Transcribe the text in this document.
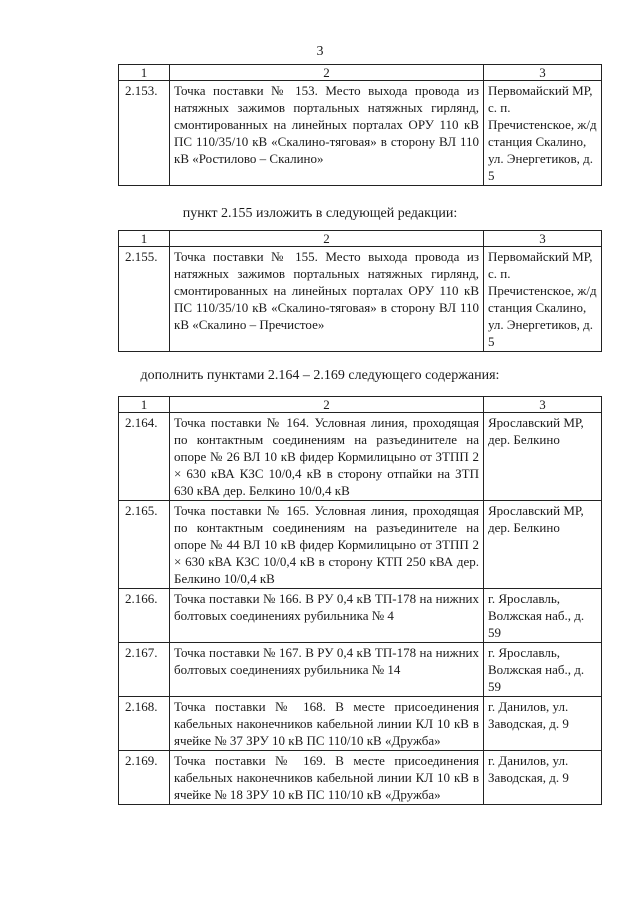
3
1	2	3
2.153.	Точка поставки № 153. Место выхода провода из натяжных зажимов портальных натяжных гирлянд, смонтированных на линейных порталах ОРУ 110 кВ ПС 110/35/10 кВ «Скалино-тяговая» в сторону ВЛ 110 кВ «Ростилово – Скалино»	Первомайский МР, с. п. Пречистенское, ж/д станция Скалино, ул. Энергетиков, д. 5
пункт 2.155 изложить в следующей редакции:
1	2	3
2.155.	Точка поставки № 155. Место выхода провода из натяжных зажимов портальных натяжных гирлянд, смонтированных на линейных порталах ОРУ 110 кВ ПС 110/35/10 кВ «Скалино-тяговая» в сторону ВЛ 110 кВ «Скалино – Пречистое»	Первомайский МР, с. п. Пречистенское, ж/д станция Скалино, ул. Энергетиков, д. 5
дополнить пунктами 2.164 – 2.169 следующего содержания:
1	2	3
2.164.	Точка поставки № 164. Условная линия, проходящая по контактным соединениям на разъединителе на опоре № 26 ВЛ 10 кВ фидер Кормилицыно от ЗТПП 2 × 630 кВА КЗС 10/0,4 кВ в сторону отпайки на ЗТП 630 кВА дер. Белкино 10/0,4 кВ	Ярославский МР, дер. Белкино
2.165.	Точка поставки № 165. Условная линия, проходящая по контактным соединениям на разъединителе на опоре № 44 ВЛ 10 кВ фидер Кормилицыно от ЗТПП 2 × 630 кВА КЗС 10/0,4 кВ в сторону КТП 250 кВА дер. Белкино 10/0,4 кВ	Ярославский МР, дер. Белкино
2.166.	Точка поставки № 166. В РУ 0,4 кВ ТП-178 на нижних болтовых соединениях рубильника № 4	г. Ярославль, Волжская наб., д. 59
2.167.	Точка поставки № 167. В РУ 0,4 кВ ТП-178 на нижних болтовых соединениях рубильника № 14	г. Ярославль, Волжская наб., д. 59
2.168.	Точка поставки № 168. В месте присоединения кабельных наконечников кабельной линии КЛ 10 кВ в ячейке № 37 ЗРУ 10 кВ ПС 110/10 кВ «Дружба»	г. Данилов, ул. Заводская, д. 9
2.169.	Точка поставки № 169. В месте присоединения кабельных наконечников кабельной линии КЛ 10 кВ в ячейке № 18 ЗРУ 10 кВ ПС 110/10 кВ «Дружба»	г. Данилов, ул. Заводская, д. 9
